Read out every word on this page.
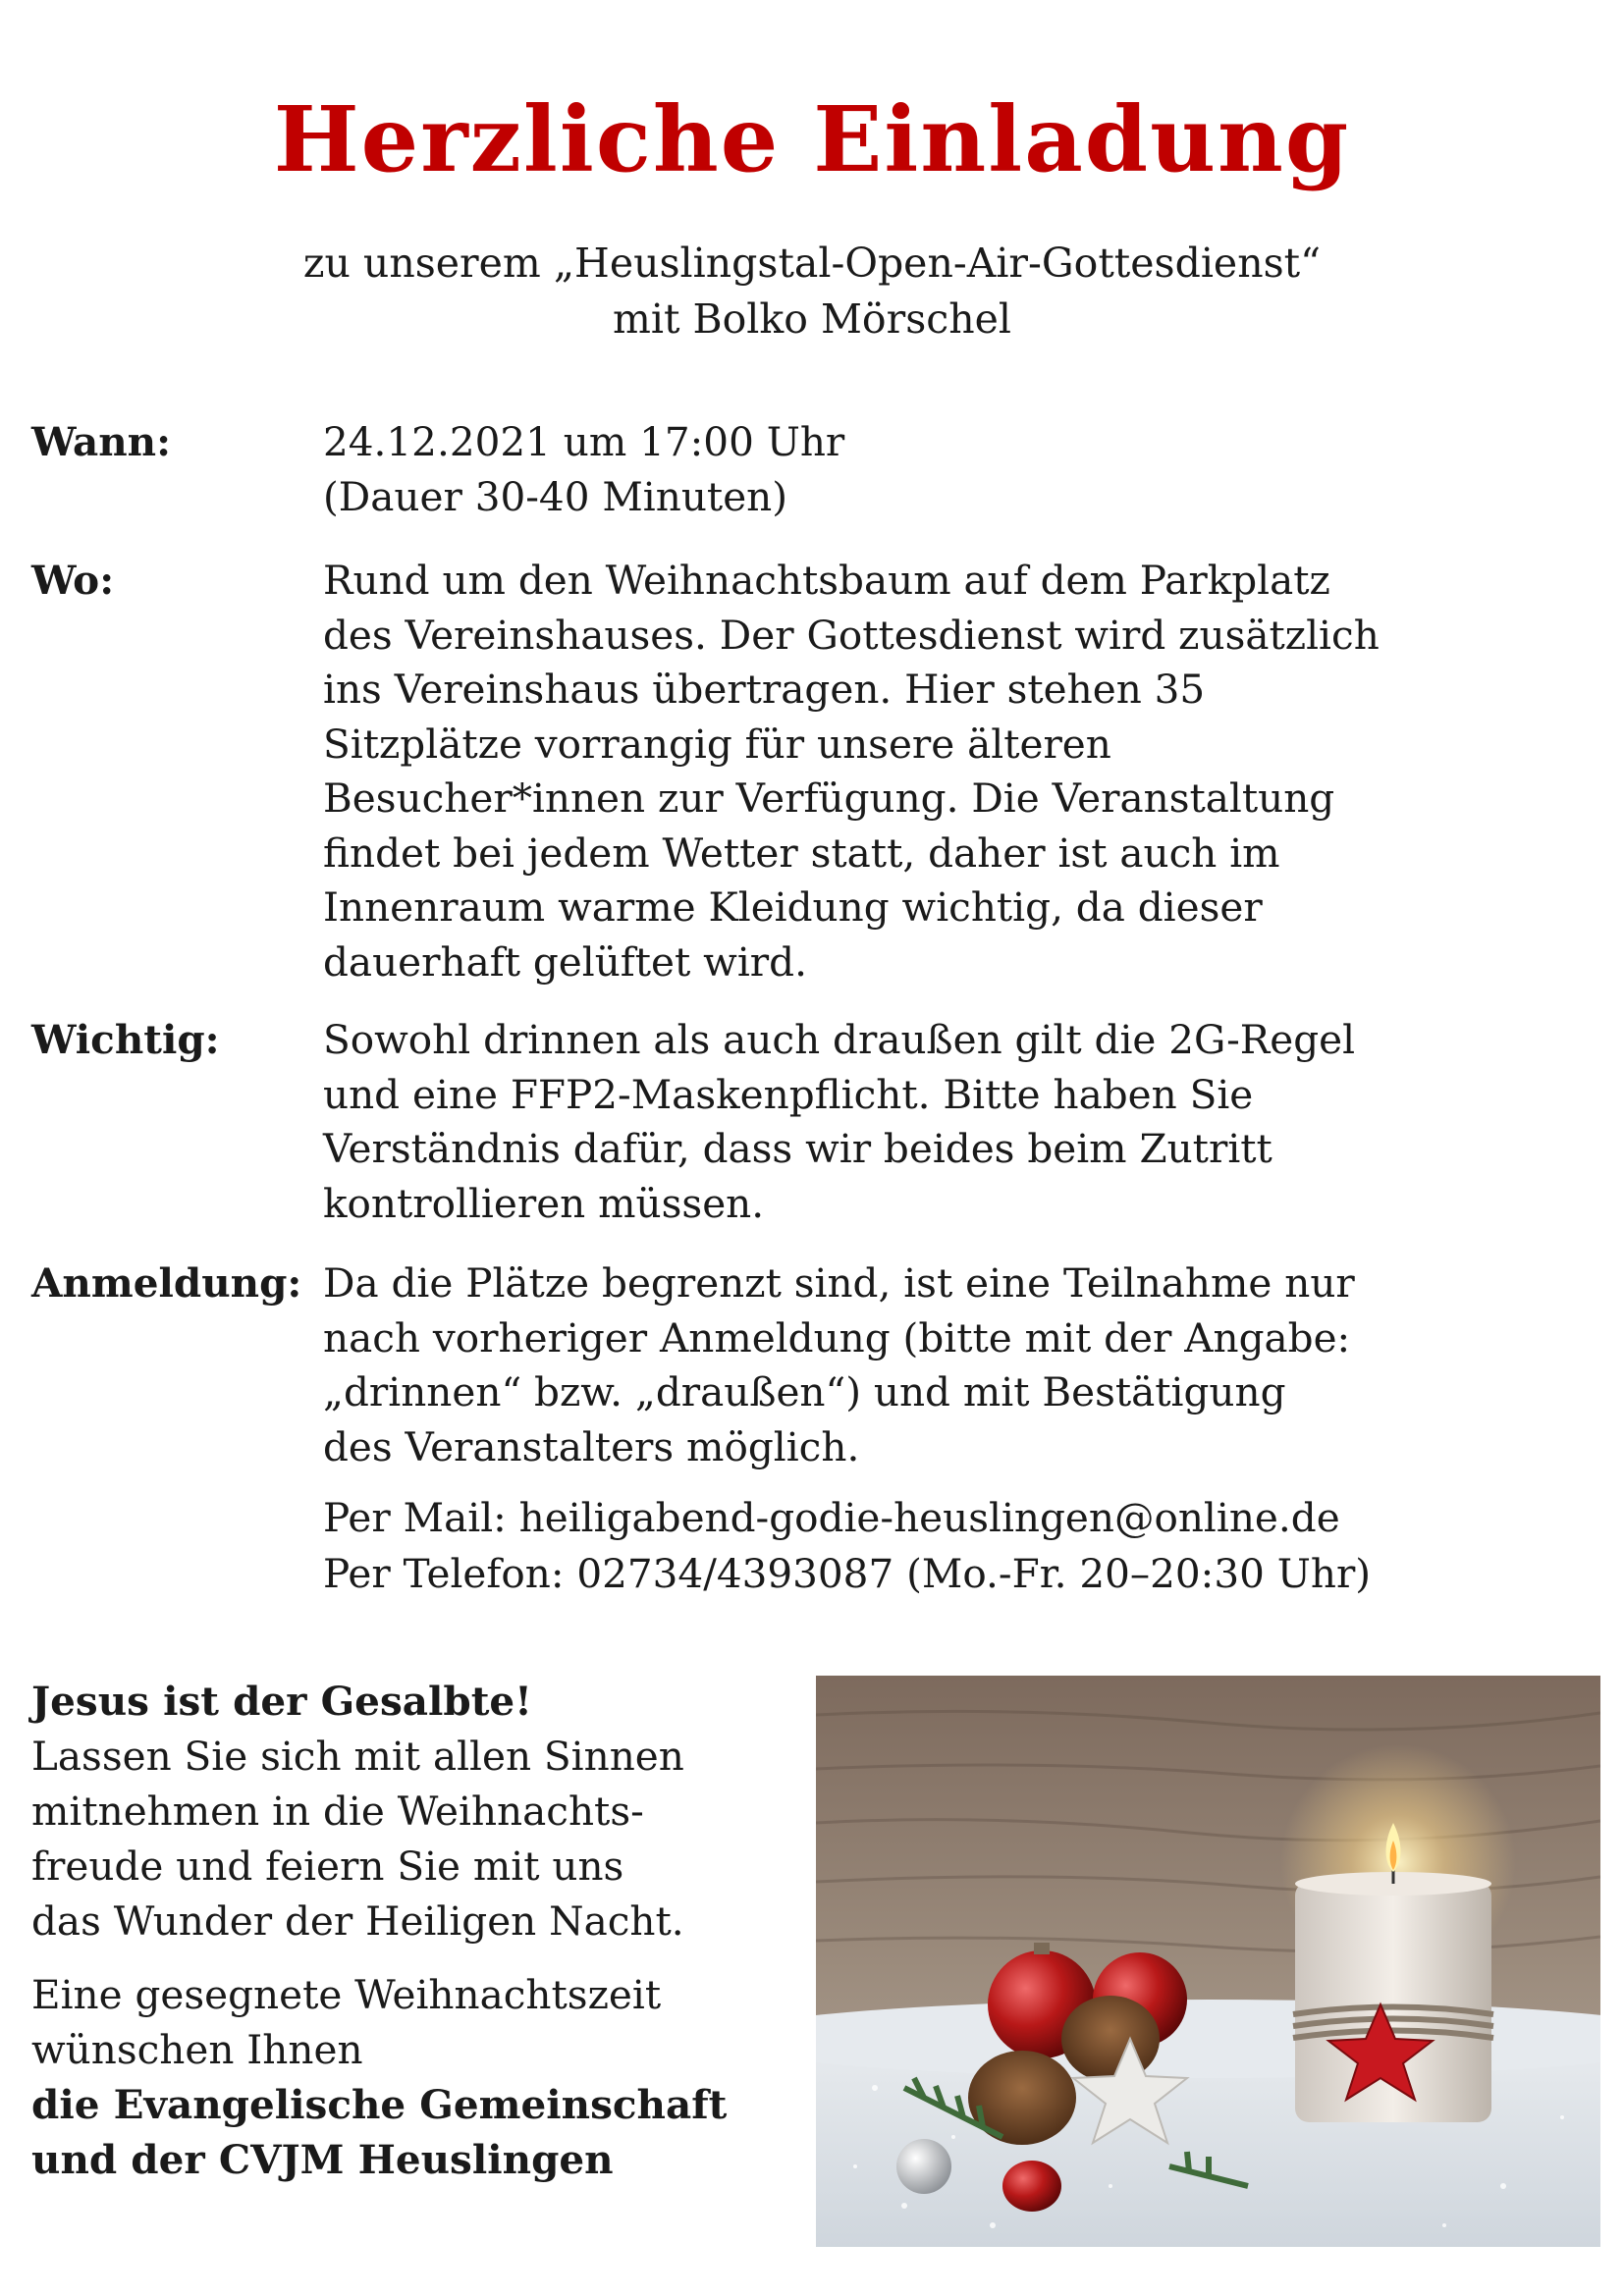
Herzliche Einladung
zu unserem „Heuslingstal-Open-Air-Gottesdienst“
mit Bolko Mörschel
Wann:	24.12.2021 um 17:00 Uhr
(Dauer 30-40 Minuten)
Wo:	Rund um den Weihnachtsbaum auf dem Parkplatz
des Vereinshauses. Der Gottesdienst wird zusätzlich
ins Vereinshaus übertragen. Hier stehen 35
Sitzplätze vorrangig für unsere älteren
Besucher*innen zur Verfügung. Die Veranstaltung
findet bei jedem Wetter statt, daher ist auch im
Innenraum warme Kleidung wichtig, da dieser
dauerhaft gelüftet wird.
Wichtig:	Sowohl drinnen als auch draußen gilt die 2G-Regel
und eine FFP2-Maskenpflicht. Bitte haben Sie
Verständnis dafür, dass wir beides beim Zutritt
kontrollieren müssen.
Anmeldung: Da die Plätze begrenzt sind, ist eine Teilnahme nur
nach vorheriger Anmeldung (bitte mit der Angabe:
„drinnen“ bzw. „draußen“) und mit Bestätigung
des Veranstalters möglich.
Per Mail: heiligabend-godie-heuslingen@online.de
Per Telefon: 02734/4393087 (Mo.-Fr. 20–20:30 Uhr)
Jesus ist der Gesalbte!
Lassen Sie sich mit allen Sinnen
mitnehmen in die Weihnachts-
freude und feiern Sie mit uns
das Wunder der Heiligen Nacht.
Eine gesegnete Weihnachtszeit
wünschen Ihnen
die Evangelische Gemeinschaft
und der CVJM Heuslingen
